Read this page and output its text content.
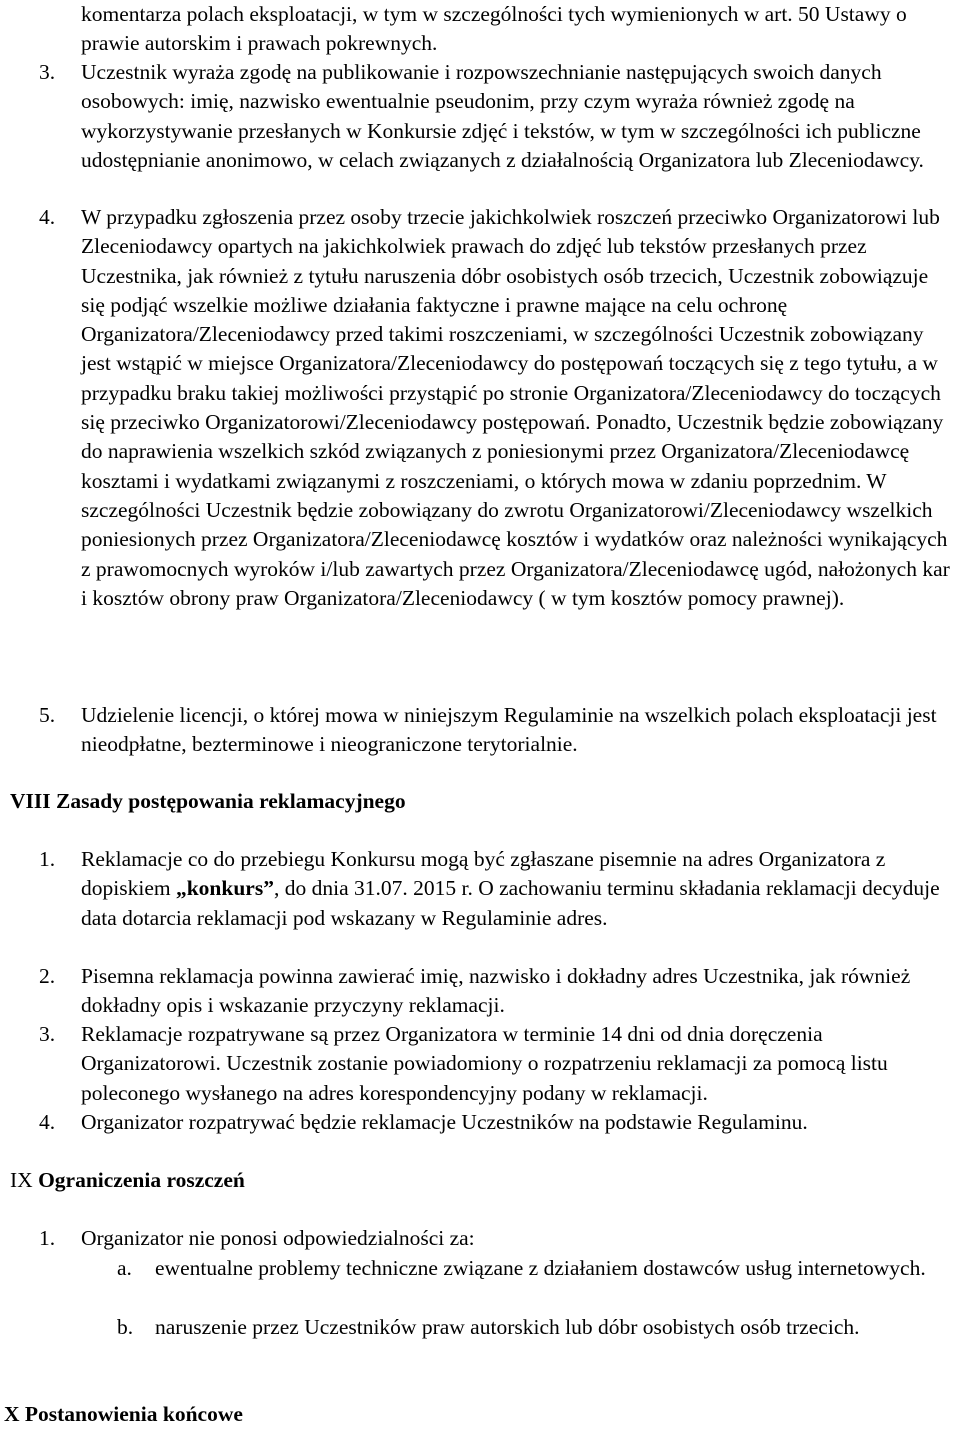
komentarza polach eksploatacji, w tym w szczególności tych wymienionych w art. 50 Ustawy o prawie autorskim i prawach pokrewnych.
3.	Uczestnik wyraża zgodę na publikowanie i rozpowszechnianie następujących swoich danych osobowych: imię, nazwisko ewentualnie pseudonim, przy czym wyraża również zgodę na wykorzystywanie przesłanych w Konkursie zdjęć i tekstów, w tym w szczególności ich publiczne udostępnianie anonimowo, w celach związanych z działalnością Organizatora lub Zleceniodawcy.
4.	W przypadku zgłoszenia przez osoby trzecie jakichkolwiek roszczeń przeciwko Organizatorowi lub Zleceniodawcy opartych na jakichkolwiek prawach do zdjęć lub tekstów przesłanych przez Uczestnika, jak również z tytułu naruszenia dóbr osobistych osób trzecich, Uczestnik zobowiązuje się podjąć wszelkie możliwe działania faktyczne i prawne mające na celu ochronę Organizatora/Zleceniodawcy przed takimi roszczeniami, w szczególności Uczestnik zobowiązany jest wstąpić w miejsce Organizatora/Zleceniodawcy do postępowań toczących się z tego tytułu, a w przypadku braku takiej możliwości przystąpić po stronie Organizatora/Zleceniodawcy do toczących się przeciwko Organizatorowi/Zleceniodawcy postępowań. Ponadto, Uczestnik będzie zobowiązany do naprawienia wszelkich szkód związanych z poniesionymi przez Organizatora/Zleceniodawcę kosztami i wydatkami związanymi z roszczeniami, o których mowa w zdaniu poprzednim. W szczególności Uczestnik będzie zobowiązany do zwrotu Organizatorowi/Zleceniodawcy wszelkich poniesionych przez Organizatora/Zleceniodawcę kosztów i wydatków oraz należności wynikających z prawomocnych wyroków i/lub zawartych przez Organizatora/Zleceniodawcę ugód, nałożonych kar i kosztów obrony praw Organizatora/Zleceniodawcy ( w tym kosztów pomocy prawnej).
5.	Udzielenie licencji, o której mowa w niniejszym Regulaminie na wszelkich polach eksploatacji jest nieodpłatne, bezterminowe i nieograniczone terytorialnie.
VIII Zasady postępowania reklamacyjnego
1.	Reklamacje co do przebiegu Konkursu mogą być zgłaszane pisemnie na adres Organizatora z dopiskiem „konkurs”, do dnia 31.07. 2015 r. O zachowaniu terminu składania reklamacji decyduje data dotarcia reklamacji pod wskazany w Regulaminie adres.
2.	Pisemna reklamacja powinna zawierać imię, nazwisko i dokładny adres Uczestnika, jak również dokładny opis i wskazanie przyczyny reklamacji.
3.	Reklamacje rozpatrywane są przez Organizatora w terminie 14 dni od dnia doręczenia Organizatorowi. Uczestnik zostanie powiadomiony o rozpatrzeniu reklamacji za pomocą listu poleconego wysłanego na adres korespondencyjny podany w reklamacji.
4.	Organizator rozpatrywać będzie reklamacje Uczestników na podstawie Regulaminu.
IX Ograniczenia roszczeń
1.	Organizator nie ponosi odpowiedzialności za:
a.	ewentualne problemy techniczne związane z działaniem dostawców usług internetowych.
b.	naruszenie przez Uczestników praw autorskich lub dóbr osobistych osób trzecich.
X Postanowienia końcowe
